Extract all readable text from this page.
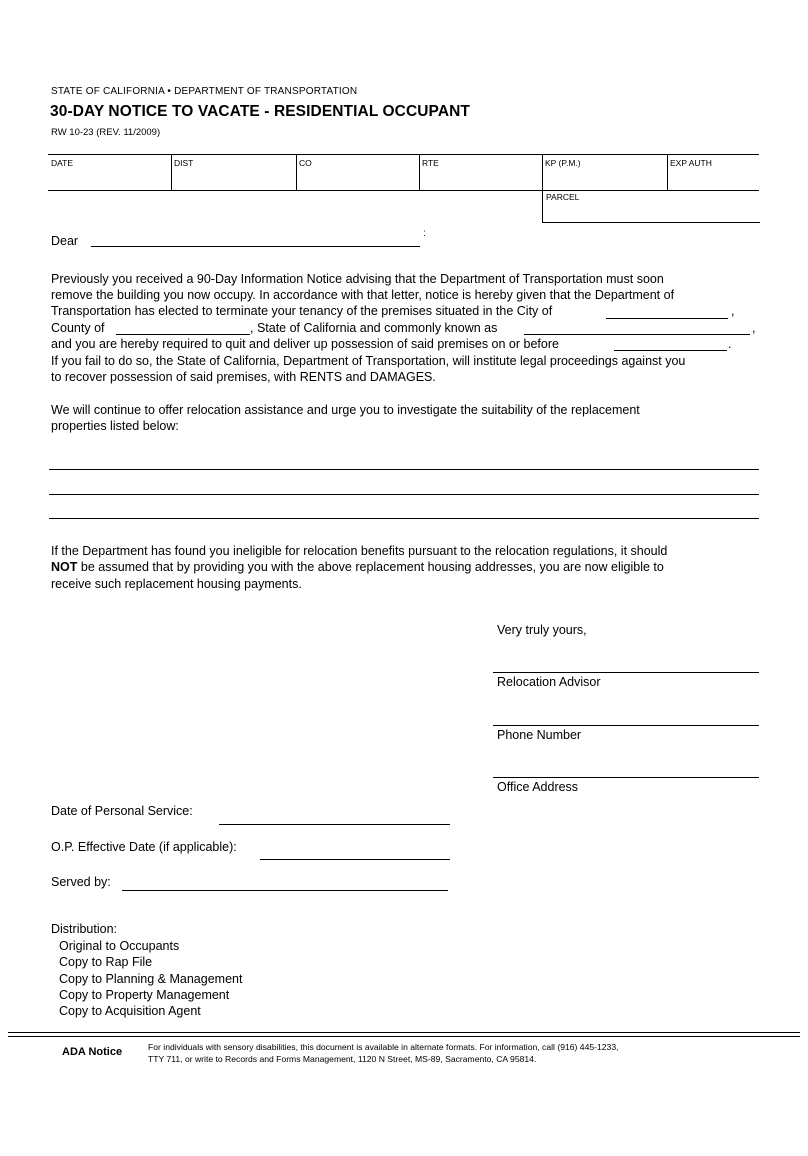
STATE OF CALIFORNIA • DEPARTMENT OF TRANSPORTATION
30-DAY NOTICE TO VACATE - RESIDENTIAL OCCUPANT
RW 10-23 (REV. 11/2009)
DATE	DIST	CO	RTE	KP (P.M.)	EXP AUTH
PARCEL
Dear
:
Previously you received a 90-Day Information Notice advising that the Department of Transportation must soon
remove the building you now occupy. In accordance with that letter, notice is hereby given that the Department of
Transportation has elected to terminate your tenancy of the premises situated in the City of	,
County of	, State of California and commonly known as	,
and you are hereby required to quit and deliver up possession of said premises on or before	.
If you fail to do so, the State of California, Department of Transportation, will institute legal proceedings against you
to recover possession of said premises, with RENTS and DAMAGES.
We will continue to offer relocation assistance and urge you to investigate the suitability of the replacement
properties listed below:
If the Department has found you ineligible for relocation benefits pursuant to the relocation regulations, it should
NOT be assumed that by providing you with the above replacement housing addresses, you are now eligible to
receive such replacement housing payments.
Very truly yours,
Relocation Advisor
Phone Number
Office Address
Date of Personal Service:
O.P. Effective Date (if applicable):
Served by:
Distribution:
Original to Occupants
Copy to Rap File
Copy to Planning & Management
Copy to Property Management
Copy to Acquisition Agent
ADA Notice	For individuals with sensory disabilities, this document is available in alternate formats. For information, call (916) 445-1233,
TTY 711, or write to Records and Forms Management, 1120 N Street, MS-89, Sacramento, CA 95814.
